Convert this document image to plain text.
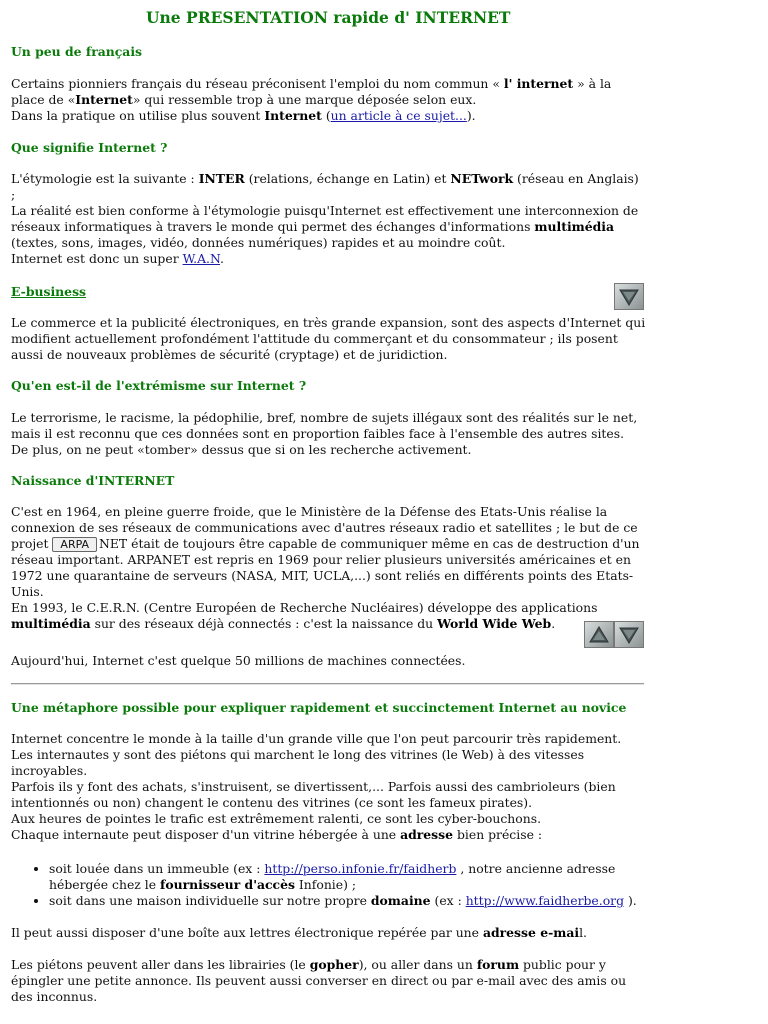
Une PRESENTATION rapide d' INTERNET
Un peu de français

Certains pionniers français du réseau préconisent l'emploi du nom commun « l' internet » à la place de «Internet» qui ressemble trop à une marque déposée selon eux.
Dans la pratique on utilise plus souvent Internet (un article à ce sujet...).

Que signifie Internet ?

L'étymologie est la suivante : INTER (relations, échange en Latin) et NETwork (réseau en Anglais) ;
La réalité est bien conforme à l'étymologie puisqu'Internet est effectivement une interconnexion de réseaux informatiques à travers le monde qui permet des échanges d'informations multimédia (textes, sons, images, vidéo, données numériques) rapides et au moindre coût.
Internet est donc un super W.A.N.

E-business

Le commerce et la publicité électroniques, en très grande expansion, sont des aspects d'Internet qui modifient actuellement profondément l'attitude du commerçant et du consommateur ; ils posent aussi de nouveaux problèmes de sécurité (cryptage) et de juridiction.

Qu'en est-il de l'extrémisme sur Internet ?

Le terrorisme, le racisme, la pédophilie, bref, nombre de sujets illégaux sont des réalités sur le net, mais il est reconnu que ces données sont en proportion faibles face à l'ensemble des autres sites.
De plus, on ne peut «tomber» dessus que si on les recherche activement.

Naissance d'INTERNET

C'est en 1964, en pleine guerre froide, que le Ministère de la Défense des Etats-Unis réalise la connexion de ses réseaux de communications avec d'autres réseaux radio et satellites ; le but de ce projet ARPA NET était de toujours être capable de communiquer même en cas de destruction d'un réseau important. ARPANET est repris en 1969 pour relier plusieurs universités américaines et en 1972 une quarantaine de serveurs (NASA, MIT, UCLA,...) sont reliés en différents points des Etats-Unis.
En 1993, le C.E.R.N. (Centre Européen de Recherche Nucléaires) développe des applications multimédia sur des réseaux déjà connectés : c'est la naissance du World Wide Web.

Aujourd'hui, Internet c'est quelque 50 millions de machines connectées.

Une métaphore possible pour expliquer rapidement et succinctement Internet au novice

Internet concentre le monde à la taille d'un grande ville que l'on peut parcourir très rapidement.
Les internautes y sont des piétons qui marchent le long des vitrines (le Web) à des vitesses incroyables.
Parfois ils y font des achats, s'instruisent, se divertissent,... Parfois aussi des cambrioleurs (bien intentionnés ou non) changent le contenu des vitrines (ce sont les fameux pirates).
Aux heures de pointes le trafic est extrêmement ralenti, ce sont les cyber-bouchons.
Chaque internaute peut disposer d'un vitrine hébergée à une adresse bien précise :

• soit louée dans un immeuble (ex : http://perso.infonie.fr/faidherb , notre ancienne adresse hébergée chez le fournisseur d'accès Infonie) ;
• soit dans une maison individuelle sur notre propre domaine (ex : http://www.faidherbe.org ).

Il peut aussi disposer d'une boîte aux lettres électronique repérée par une adresse e-mail.

Les piétons peuvent aller dans les librairies (le gopher), ou aller dans un forum public pour y épingler une petite annonce. Ils peuvent aussi converser en direct ou par e-mail avec des amis ou des inconnus.
